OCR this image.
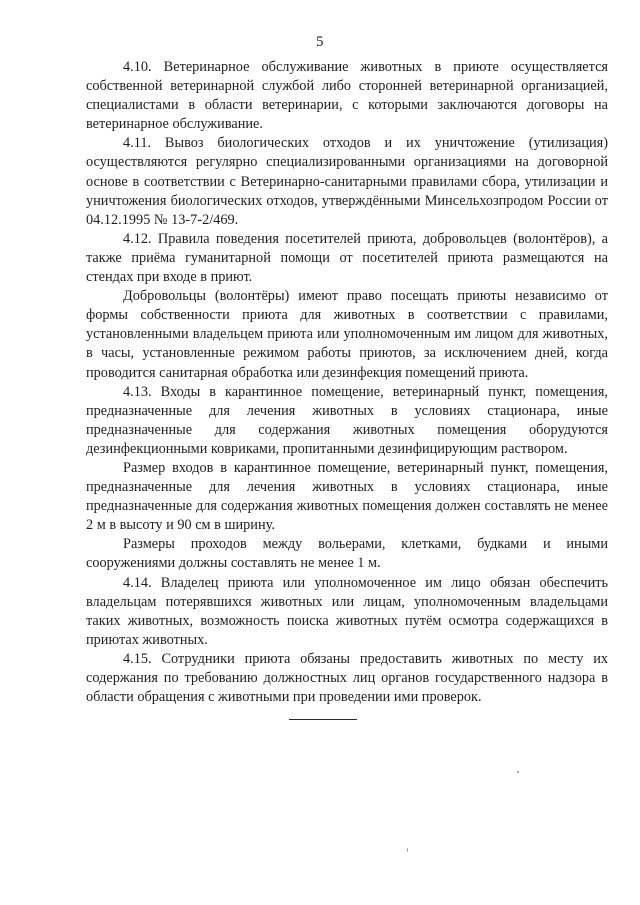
5

4.10. Ветеринарное обслуживание животных в приюте осуществляется собственной ветеринарной службой либо сторонней ветеринарной организацией, специалистами в области ветеринарии, с которыми заключаются договоры на ветеринарное обслуживание.

4.11. Вывоз биологических отходов и их уничтожение (утилизация) осуществляются регулярно специализированными организациями на договорной основе в соответствии с Ветеринарно-санитарными правилами сбора, утилизации и уничтожения биологических отходов, утверждёнными Минсельхозпродом России от 04.12.1995 № 13-7-2/469.

4.12. Правила поведения посетителей приюта, добровольцев (волонтёров), а также приёма гуманитарной помощи от посетителей приюта размещаются на стендах при входе в приют.

Добровольцы (волонтёры) имеют право посещать приюты независимо от формы собственности приюта для животных в соответствии с правилами, установленными владельцем приюта или уполномоченным им лицом для животных, в часы, установленные режимом работы приютов, за исключением дней, когда проводится санитарная обработка или дезинфекция помещений приюта.

4.13. Входы в карантинное помещение, ветеринарный пункт, помещения, предназначенные для лечения животных в условиях стационара, иные предназначенные для содержания животных помещения оборудуются дезинфекционными ковриками, пропитанными дезинфицирующим раствором.

Размер входов в карантинное помещение, ветеринарный пункт, помещения, предназначенные для лечения животных в условиях стационара, иные предназначенные для содержания животных помещения должен составлять не менее 2 м в высоту и 90 см в ширину.

Размеры проходов между вольерами, клетками, будками и иными сооружениями должны составлять не менее 1 м.

4.14. Владелец приюта или уполномоченное им лицо обязан обеспечить владельцам потерявшихся животных или лицам, уполномоченным владельцами таких животных, возможность поиска животных путём осмотра содержащихся в приютах животных.

4.15. Сотрудники приюта обязаны предоставить животных по месту их содержания по требованию должностных лиц органов государственного надзора в области обращения с животными при проведении ими проверок.
